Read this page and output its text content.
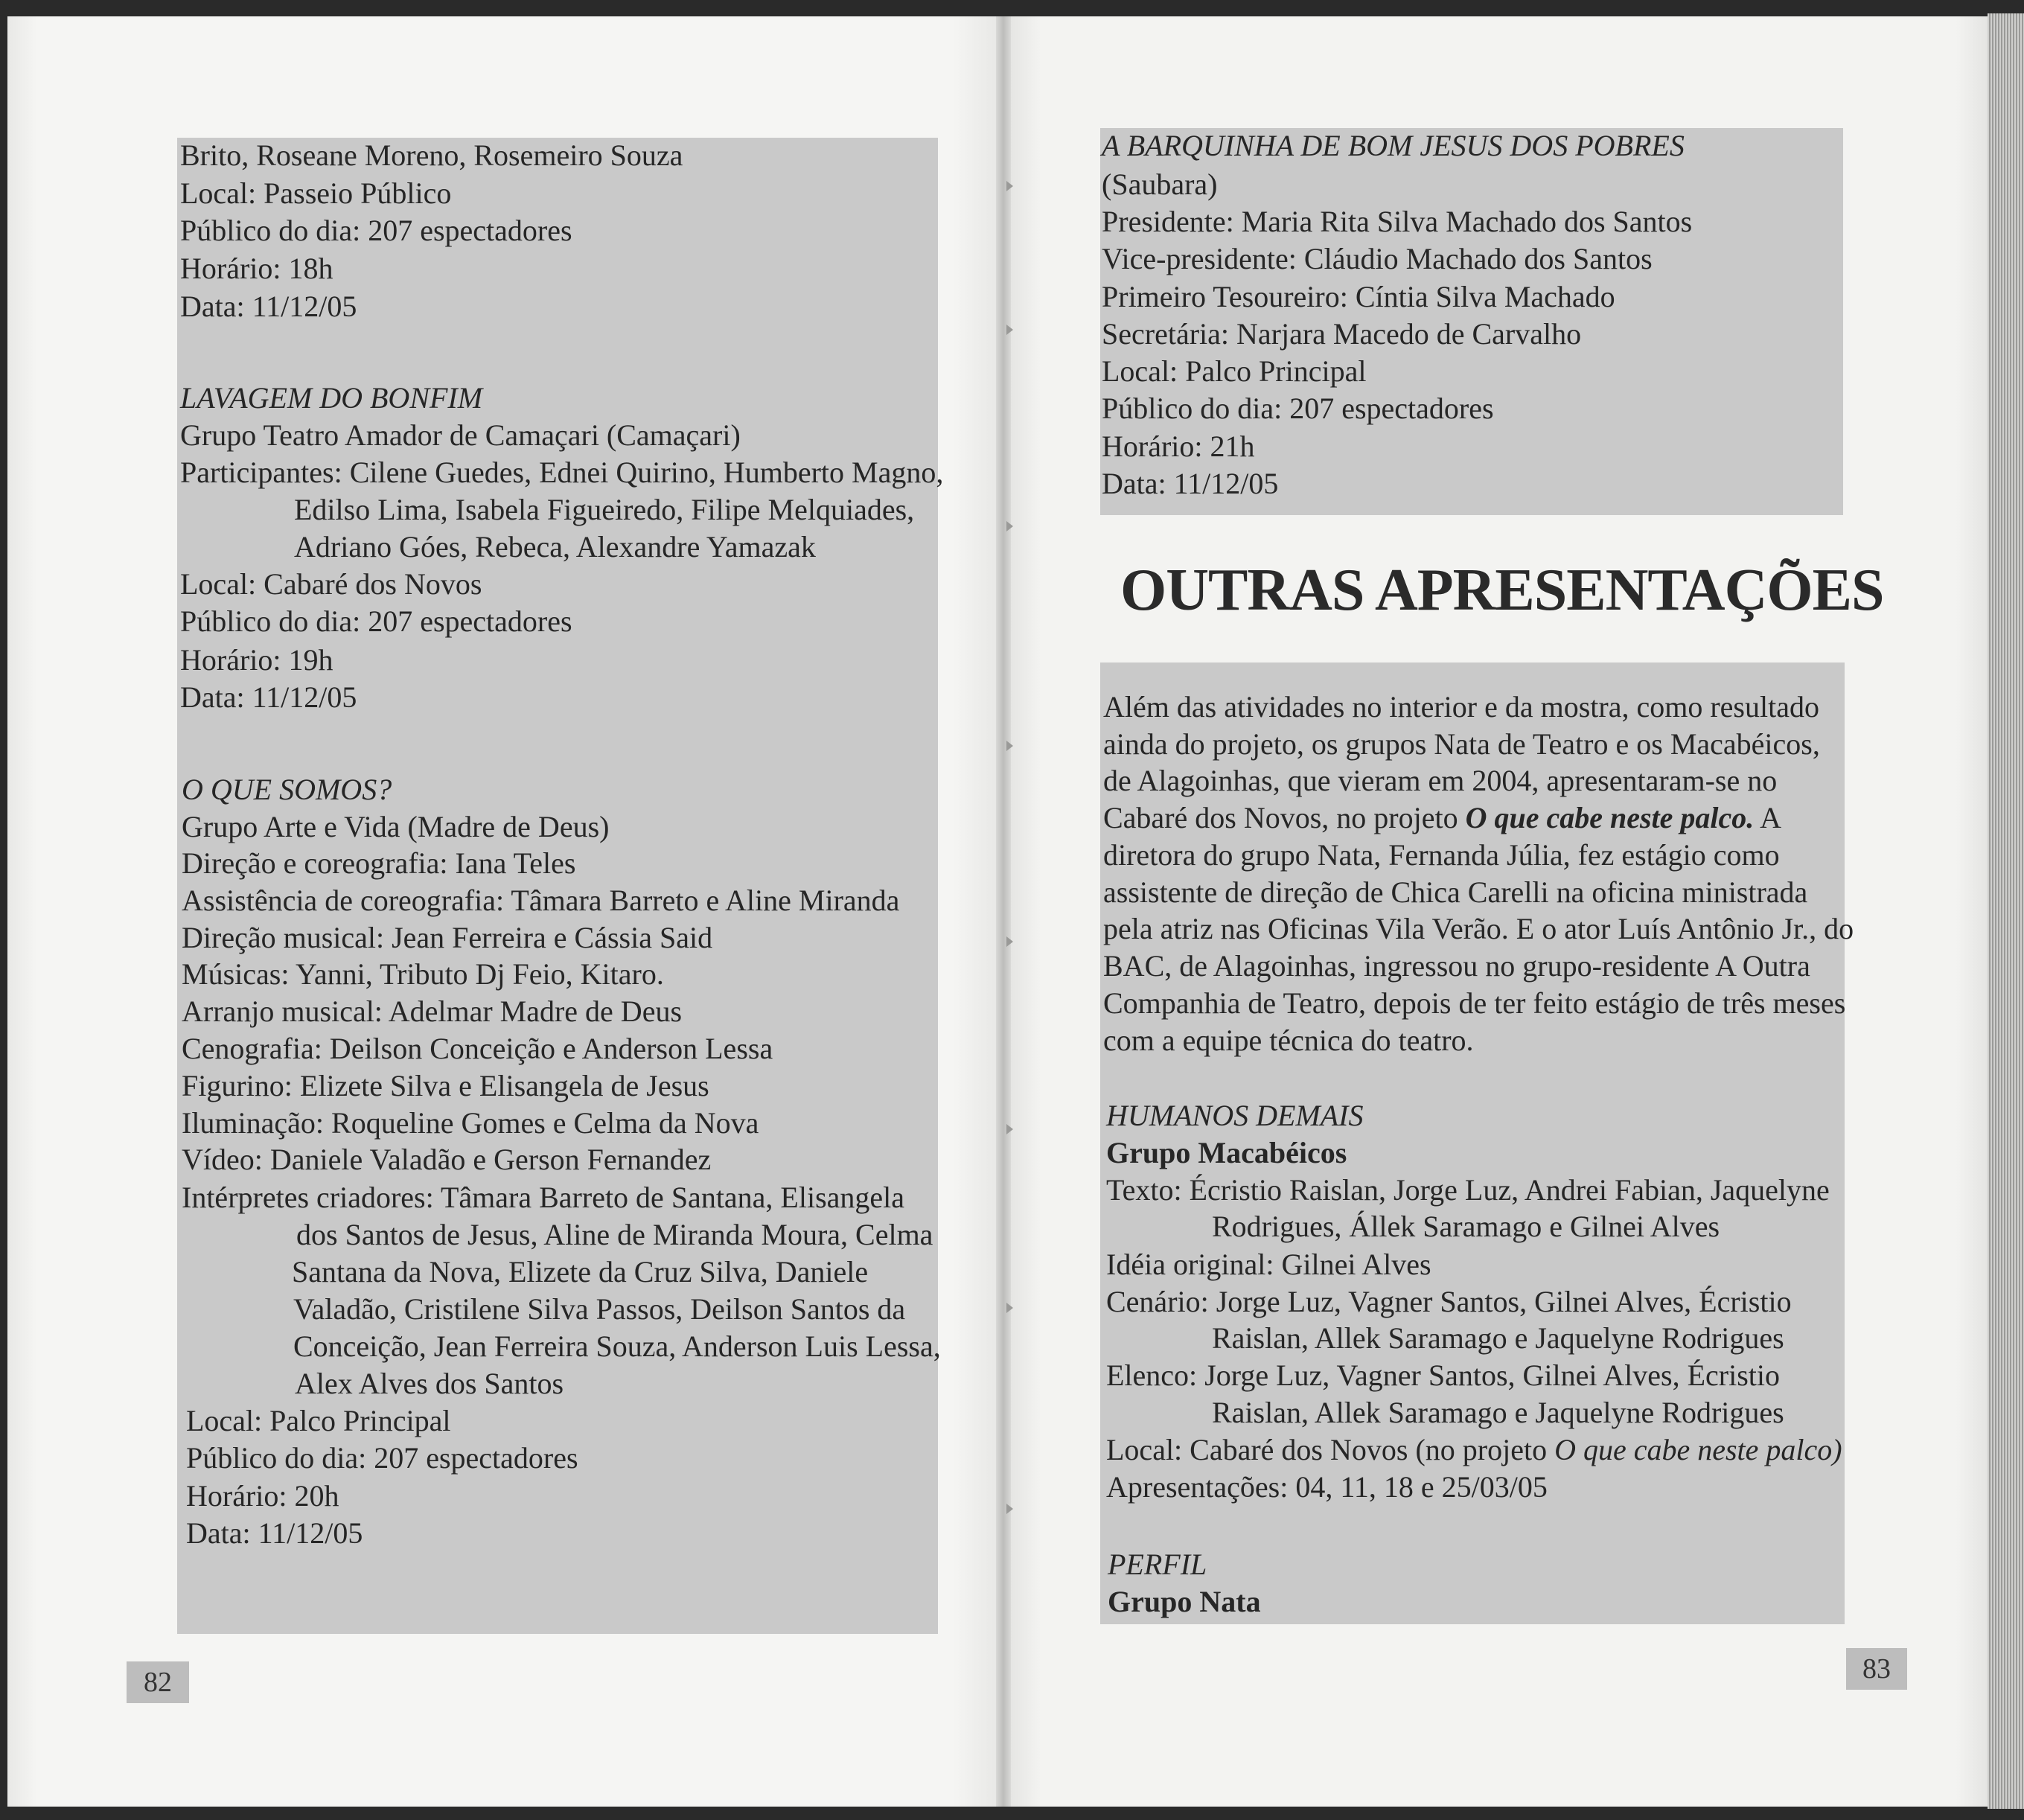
Brito, Roseane Moreno, Rosemeiro Souza
Local: Passeio Público
Público do dia: 207 espectadores
Horário: 18h
Data: 11/12/05
LAVAGEM DO BONFIM
Grupo Teatro Amador de Camaçari (Camaçari)
Participantes: Cilene Guedes, Ednei Quirino, Humberto Magno,
Edilso Lima, Isabela Figueiredo, Filipe Melquiades,
Adriano Góes, Rebeca, Alexandre Yamazak
Local: Cabaré dos Novos
Público do dia: 207 espectadores
Horário: 19h
Data: 11/12/05
O QUE SOMOS?
Grupo Arte e Vida (Madre de Deus)
Direção e coreografia: Iana Teles
Assistência de coreografia: Tâmara Barreto e Aline Miranda
Direção musical: Jean Ferreira e Cássia Said
Músicas: Yanni, Tributo Dj Feio, Kitaro.
Arranjo musical: Adelmar Madre de Deus
Cenografia: Deilson Conceição e Anderson Lessa
Figurino: Elizete Silva e Elisangela de Jesus
Iluminação: Roqueline Gomes e Celma da Nova
Vídeo: Daniele Valadão e Gerson Fernandez
Intérpretes criadores: Tâmara Barreto de Santana, Elisangela
dos Santos de Jesus, Aline de Miranda Moura, Celma
Santana da Nova, Elizete da Cruz Silva, Daniele
Valadão, Cristilene Silva Passos, Deilson Santos da
Conceição, Jean Ferreira Souza, Anderson Luis Lessa,
Alex Alves dos Santos
Local: Palco Principal
Público do dia: 207 espectadores
Horário: 20h
Data: 11/12/05
82
A BARQUINHA DE BOM JESUS DOS POBRES
(Saubara)
Presidente: Maria Rita Silva Machado dos Santos
Vice-presidente: Cláudio Machado dos Santos
Primeiro Tesoureiro: Cíntia Silva Machado
Secretária: Narjara Macedo de Carvalho
Local: Palco Principal
Público do dia: 207 espectadores
Horário: 21h
Data: 11/12/05
OUTRAS APRESENTAÇÕES
Além das atividades no interior e da mostra, como resultado
ainda do projeto, os grupos Nata de Teatro e os Macabéicos,
de Alagoinhas, que vieram em 2004, apresentaram-se no
Cabaré dos Novos, no projeto O que cabe neste palco. A
diretora do grupo Nata, Fernanda Júlia, fez estágio como
assistente de direção de Chica Carelli na oficina ministrada
pela atriz nas Oficinas Vila Verão. E o ator Luís Antônio Jr., do
BAC, de Alagoinhas, ingressou no grupo-residente A Outra
Companhia de Teatro, depois de ter feito estágio de três meses
com a equipe técnica do teatro.
HUMANOS DEMAIS
Grupo Macabéicos
Texto: Écristio Raislan, Jorge Luz, Andrei Fabian, Jaquelyne
Rodrigues, Állek Saramago e Gilnei Alves
Idéia original: Gilnei Alves
Cenário: Jorge Luz, Vagner Santos, Gilnei Alves, Écristio
Raislan, Allek Saramago e Jaquelyne Rodrigues
Elenco: Jorge Luz, Vagner Santos, Gilnei Alves, Écristio
Raislan, Allek Saramago e Jaquelyne Rodrigues
Local: Cabaré dos Novos (no projeto O que cabe neste palco)
Apresentações: 04, 11, 18 e 25/03/05
PERFIL
Grupo Nata
83
